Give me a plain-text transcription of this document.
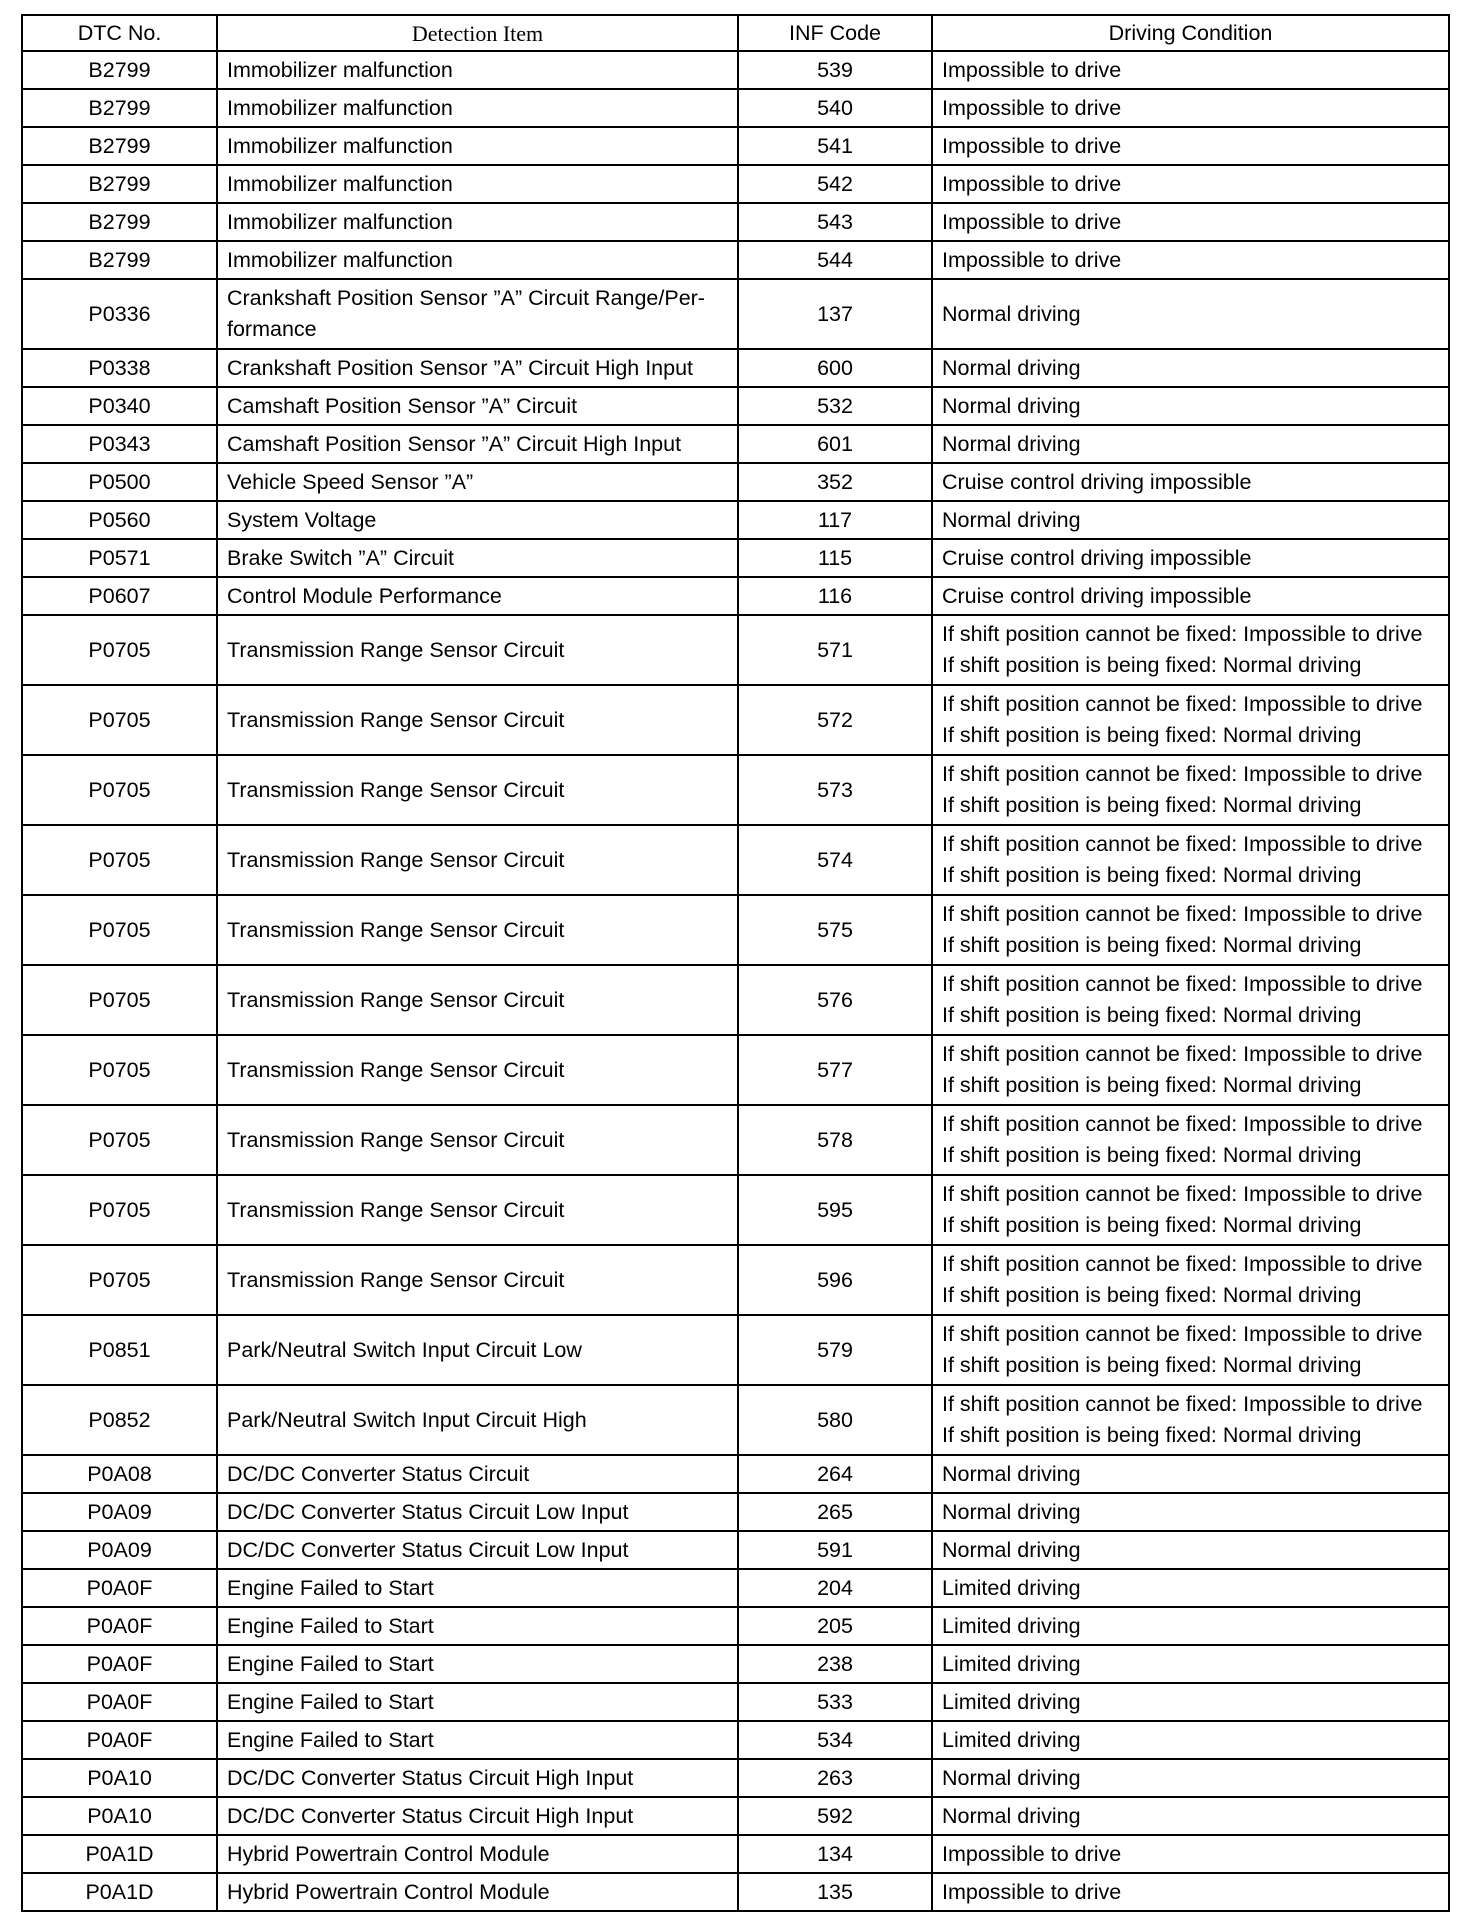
DTC No.	Detection Item	INF Code	Driving Condition
B2799	Immobilizer malfunction	539	Impossible to drive

B2799	Immobilizer malfunction	540	Impossible to drive

B2799	Immobilizer malfunction	541	Impossible to drive

B2799	Immobilizer malfunction	542	Impossible to drive

B2799	Immobilizer malfunction	543	Impossible to drive

B2799	Immobilizer malfunction	544	Impossible to drive

P0336	Crankshaft Position Sensor ”A” Circuit Range/Per-
formance	137	Normal driving

P0338	Crankshaft Position Sensor ”A” Circuit High Input	600	Normal driving

P0340	Camshaft Position Sensor ”A” Circuit	532	Normal driving

P0343	Camshaft Position Sensor ”A” Circuit High Input	601	Normal driving

P0500	Vehicle Speed Sensor ”A”	352	Cruise control driving impossible

P0560	System Voltage	117	Normal driving

P0571	Brake Switch ”A” Circuit	115	Cruise control driving impossible

P0607	Control Module Performance	116	Cruise control driving impossible

P0705	Transmission Range Sensor Circuit	571	If shift position cannot be fixed: Impossible to drive
If shift position is being fixed: Normal driving

P0705	Transmission Range Sensor Circuit	572	If shift position cannot be fixed: Impossible to drive
If shift position is being fixed: Normal driving

P0705	Transmission Range Sensor Circuit	573	If shift position cannot be fixed: Impossible to drive
If shift position is being fixed: Normal driving

P0705	Transmission Range Sensor Circuit	574	If shift position cannot be fixed: Impossible to drive
If shift position is being fixed: Normal driving

P0705	Transmission Range Sensor Circuit	575	If shift position cannot be fixed: Impossible to drive
If shift position is being fixed: Normal driving

P0705	Transmission Range Sensor Circuit	576	If shift position cannot be fixed: Impossible to drive
If shift position is being fixed: Normal driving

P0705	Transmission Range Sensor Circuit	577	If shift position cannot be fixed: Impossible to drive
If shift position is being fixed: Normal driving

P0705	Transmission Range Sensor Circuit	578	If shift position cannot be fixed: Impossible to drive
If shift position is being fixed: Normal driving

P0705	Transmission Range Sensor Circuit	595	If shift position cannot be fixed: Impossible to drive
If shift position is being fixed: Normal driving

P0705	Transmission Range Sensor Circuit	596	If shift position cannot be fixed: Impossible to drive
If shift position is being fixed: Normal driving

P0851	Park/Neutral Switch Input Circuit Low	579	If shift position cannot be fixed: Impossible to drive
If shift position is being fixed: Normal driving

P0852	Park/Neutral Switch Input Circuit High	580	If shift position cannot be fixed: Impossible to drive
If shift position is being fixed: Normal driving

P0A08	DC/DC Converter Status Circuit	264	Normal driving

P0A09	DC/DC Converter Status Circuit Low Input	265	Normal driving

P0A09	DC/DC Converter Status Circuit Low Input	591	Normal driving

P0A0F	Engine Failed to Start	204	Limited driving

P0A0F	Engine Failed to Start	205	Limited driving

P0A0F	Engine Failed to Start	238	Limited driving

P0A0F	Engine Failed to Start	533	Limited driving

P0A0F	Engine Failed to Start	534	Limited driving

P0A10	DC/DC Converter Status Circuit High Input	263	Normal driving

P0A10	DC/DC Converter Status Circuit High Input	592	Normal driving

P0A1D	Hybrid Powertrain Control Module	134	Impossible to drive

P0A1D	Hybrid Powertrain Control Module	135	Impossible to drive
